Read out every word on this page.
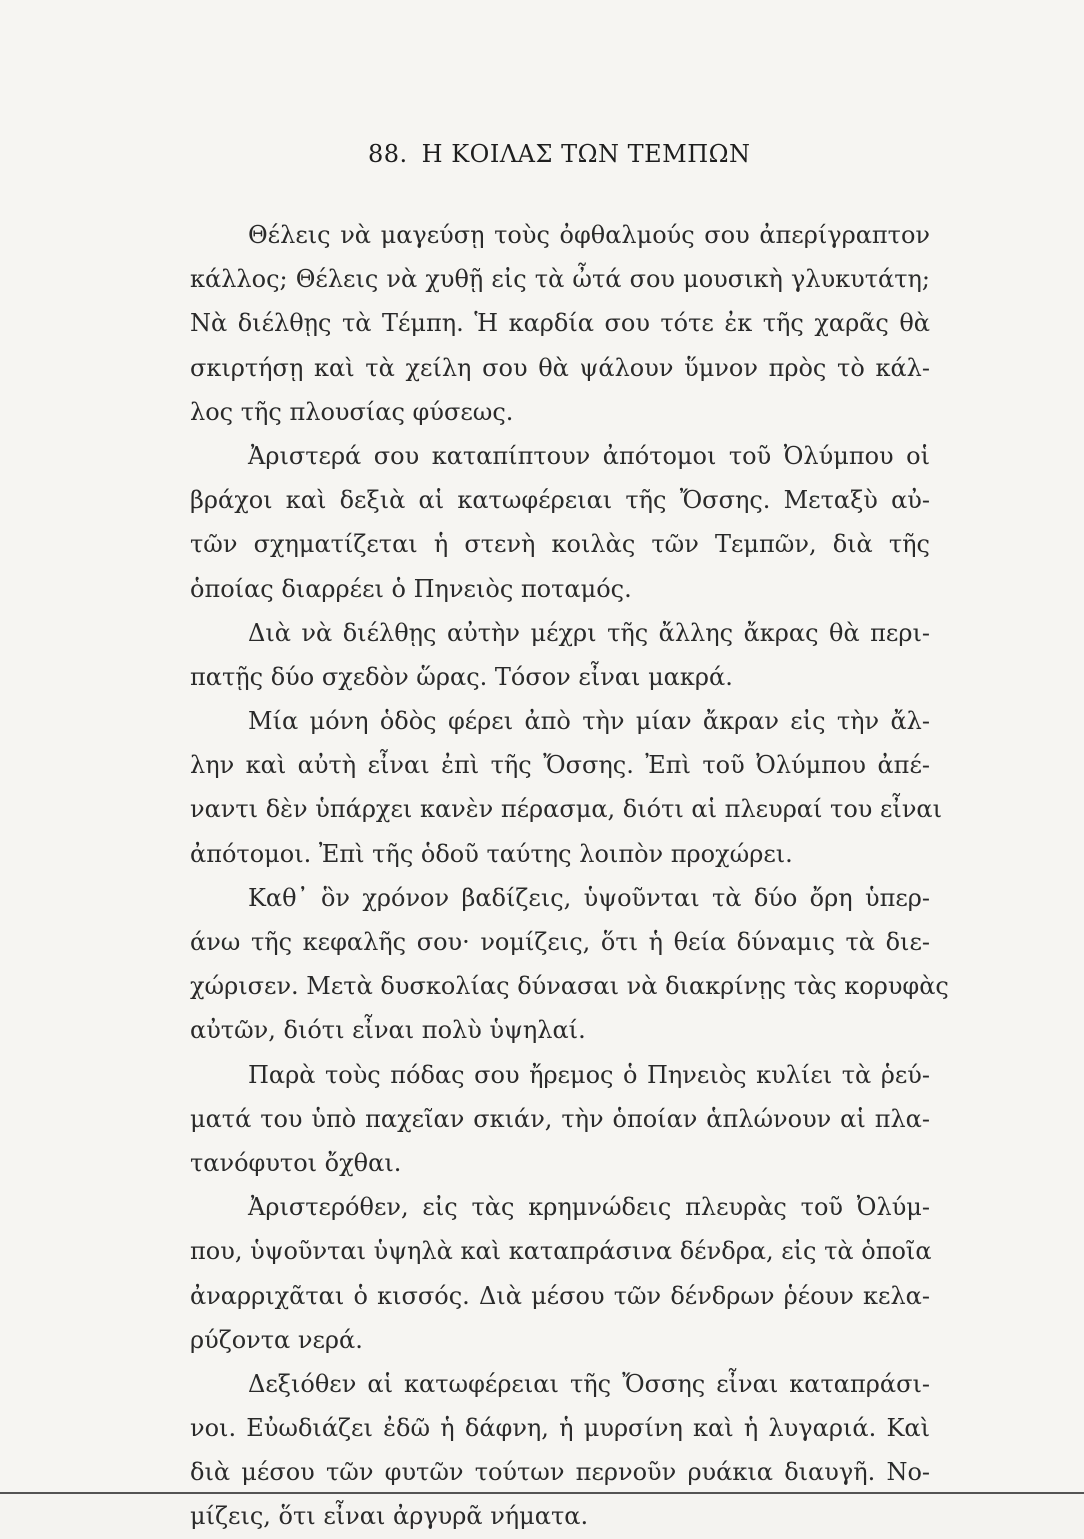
88. Η ΚΟΙΛΑΣ ΤΩΝ ΤΕΜΠΩΝ
Θέλεις νὰ μαγεύσῃ τοὺς ὀφθαλμούς σου ἀπερίγραπτον
κάλλος; Θέλεις νὰ χυθῇ εἰς τὰ ὦτά σου μουσικὴ γλυκυτάτη;
Νὰ διέλθῃς τὰ Τέμπη. Ἡ καρδία σου τότε ἐκ τῆς χαρᾶς θὰ
σκιρτήσῃ καὶ τὰ χείλη σου θὰ ψάλουν ὕμνον πρὸς τὸ κάλ-
λος τῆς πλουσίας φύσεως.
Ἀριστερά σου καταπίπτουν ἀπότομοι τοῦ Ὀλύμπου οἱ
βράχοι καὶ δεξιὰ αἱ κατωφέρειαι τῆς Ὄσσης. Μεταξὺ αὐ-
τῶν σχηματίζεται ἡ στενὴ κοιλὰς τῶν Τεμπῶν, διὰ τῆς
ὁποίας διαρρέει ὁ Πηνειὸς ποταμός.
Διὰ νὰ διέλθῃς αὐτὴν μέχρι τῆς ἄλλης ἄκρας θὰ περι-
πατῇς δύο σχεδὸν ὥρας. Τόσον εἶναι μακρά.
Μία μόνη ὁδὸς φέρει ἀπὸ τὴν μίαν ἄκραν εἰς τὴν ἄλ-
λην καὶ αὐτὴ εἶναι ἐπὶ τῆς Ὄσσης. Ἐπὶ τοῦ Ὀλύμπου ἀπέ-
ναντι δὲν ὑπάρχει κανὲν πέρασμα, διότι αἱ πλευραί του εἶναι
ἀπότομοι. Ἐπὶ τῆς ὁδοῦ ταύτης λοιπὸν προχώρει.
Καθ᾽ ὃν χρόνον βαδίζεις, ὑψοῦνται τὰ δύο ὄρη ὑπερ-
άνω τῆς κεφαλῆς σου· νομίζεις, ὅτι ἡ θεία δύναμις τὰ διε-
χώρισεν. Μετὰ δυσκολίας δύνασαι νὰ διακρίνῃς τὰς κορυφὰς
αὐτῶν, διότι εἶναι πολὺ ὑψηλαί.
Παρὰ τοὺς πόδας σου ἤρεμος ὁ Πηνειὸς κυλίει τὰ ῥεύ-
ματά του ὑπὸ παχεῖαν σκιάν, τὴν ὁποίαν ἁπλώνουν αἱ πλα-
τανόφυτοι ὄχθαι.
Ἀριστερόθεν, εἰς τὰς κρημνώδεις πλευρὰς τοῦ Ὀλύμ-
που, ὑψοῦνται ὑψηλὰ καὶ καταπράσινα δένδρα, εἰς τὰ ὁποῖα
ἀναρριχᾶται ὁ κισσός. Διὰ μέσου τῶν δένδρων ῥέουν κελα-
ρύζοντα νερά.
Δεξιόθεν αἱ κατωφέρειαι τῆς Ὄσσης εἶναι καταπράσι-
νοι. Εὐωδιάζει ἐδῶ ἡ δάφνη, ἡ μυρσίνη καὶ ἡ λυγαριά. Καὶ
διὰ μέσου τῶν φυτῶν τούτων περνοῦν ρυάκια διαυγῆ. Νο-
μίζεις, ὅτι εἶναι ἀργυρᾶ νήματα.
